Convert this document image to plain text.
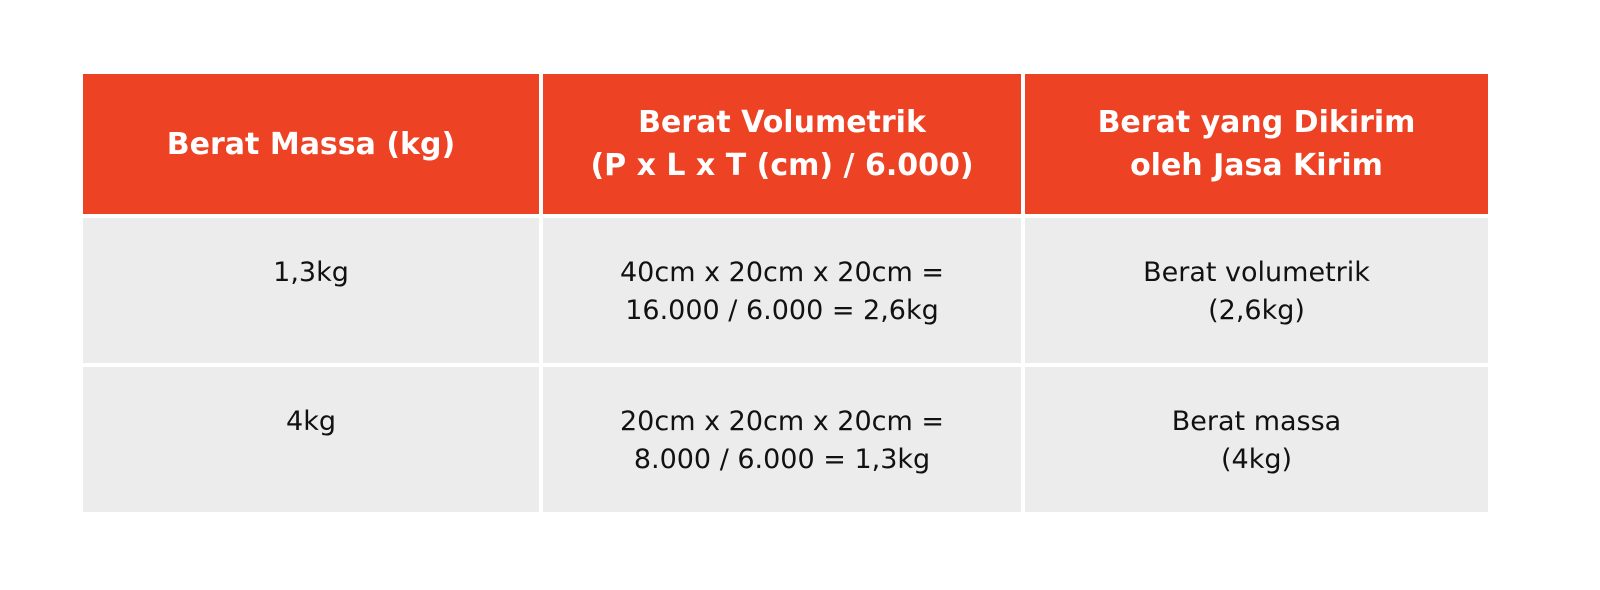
Berat Massa (kg)
Berat Volumetrik
(P x L x T (cm) / 6.000)
Berat yang Dikirim
oleh Jasa Kirim
1,3kg	40cm x 20cm x 20cm =
16.000 / 6.000 = 2,6kg
Berat volumetrik
(2,6kg)
4kg	20cm x 20cm x 20cm =
8.000 / 6.000 = 1,3kg
Berat massa
(4kg)
